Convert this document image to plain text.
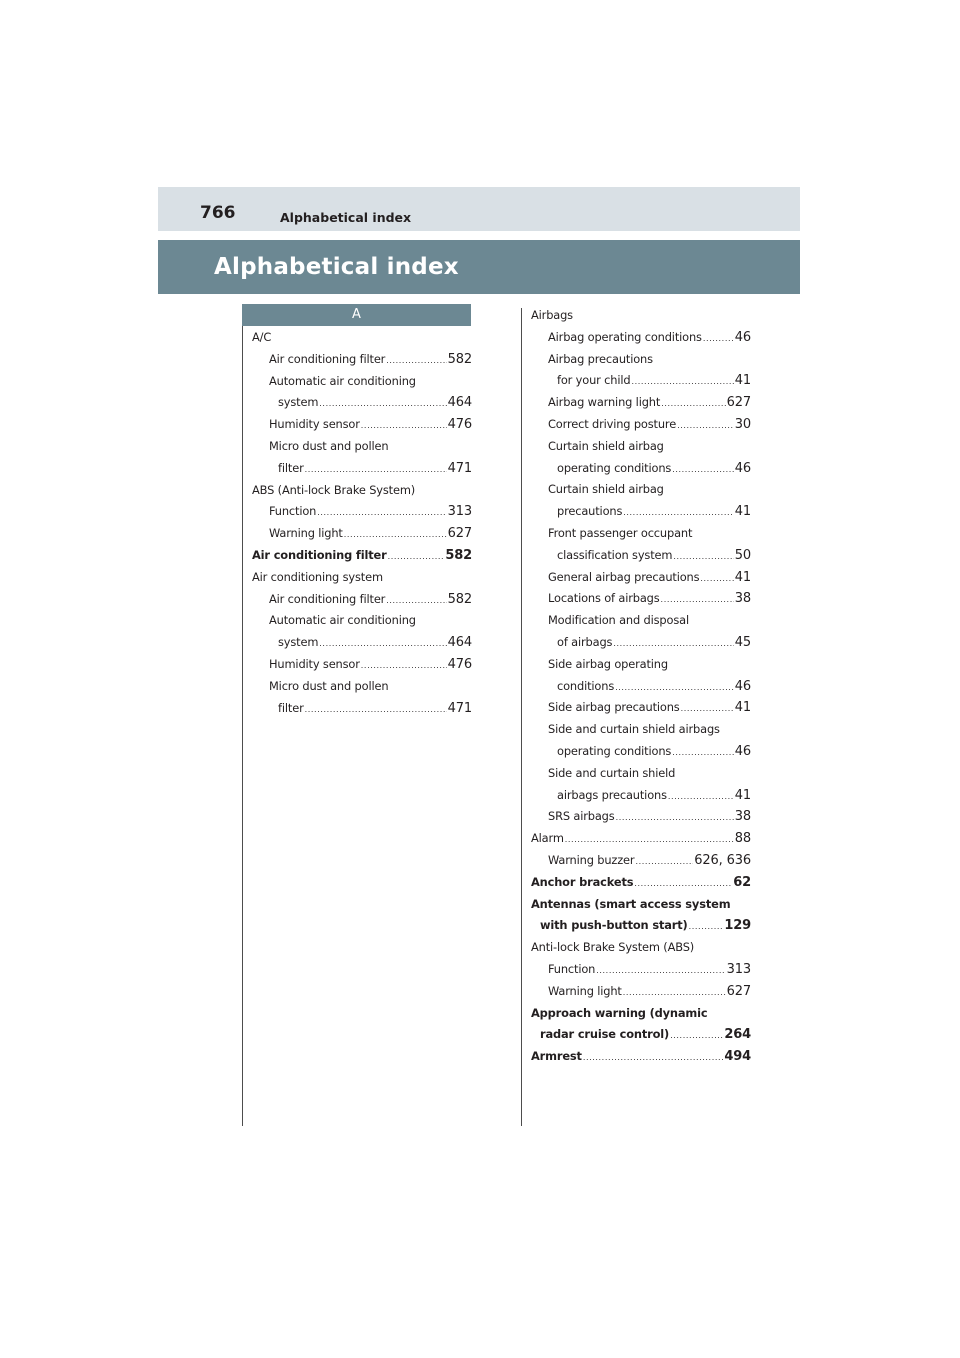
766	Alphabetical index
Alphabetical index
A
A/C
Air conditioning filter .....	582
Automatic air conditioning
system .....	464
Humidity sensor .....	476
Micro dust and pollen
filter .....	471
ABS (Anti-lock Brake System)
Function .....	313
Warning light .....	627
Air conditioning filter .....	582
Air conditioning system
Air conditioning filter .....	582
Automatic air conditioning
system .....	464
Humidity sensor .....	476
Micro dust and pollen
filter .....	471
Airbags
Airbag operating conditions .....	46
Airbag precautions
for your child .....	41
Airbag warning light .....	627
Correct driving posture .....	30
Curtain shield airbag
operating conditions .....	46
Curtain shield airbag
precautions .....	41
Front passenger occupant
classification system .....	50
General airbag precautions .....	41
Locations of airbags .....	38
Modification and disposal
of airbags .....	45
Side airbag operating
conditions .....	46
Side airbag precautions .....	41
Side and curtain shield airbags
operating conditions .....	46
Side and curtain shield
airbags precautions .....	41
SRS airbags .....	38
Alarm .....	88
Warning buzzer .....	626, 636
Anchor brackets .....	62
Antennas (smart access system
with push-button start) .....	129
Anti-lock Brake System (ABS)
Function .....	313
Warning light .....	627
Approach warning (dynamic
radar cruise control) .....	264
Armrest .....	494
